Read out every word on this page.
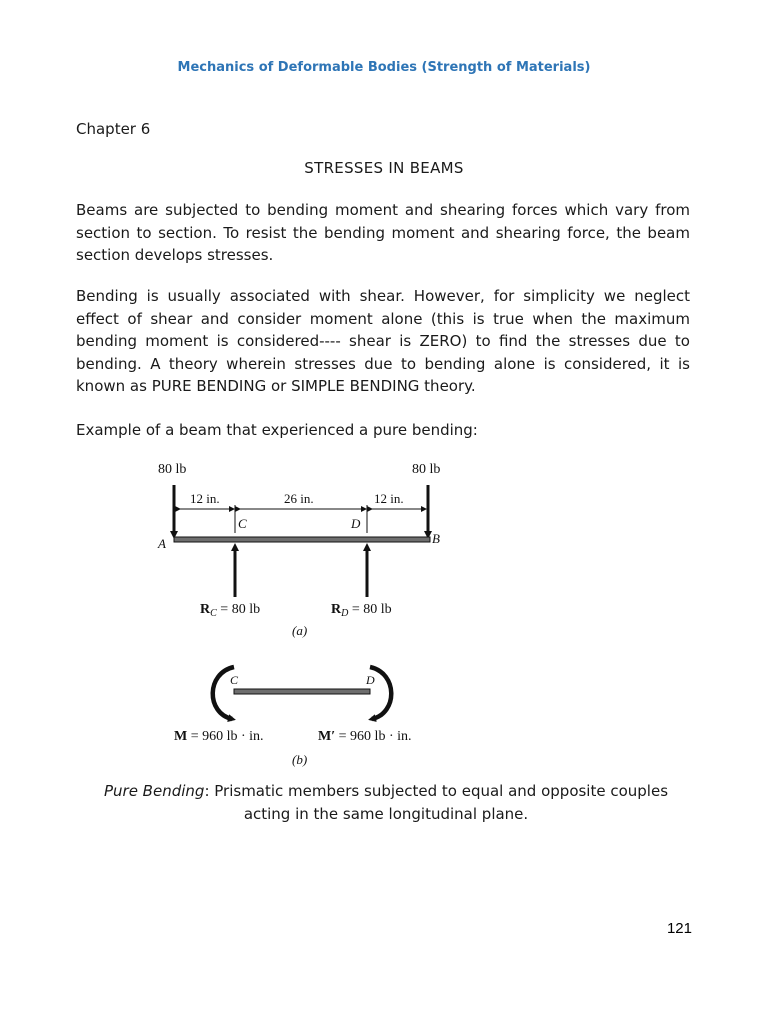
Mechanics of Deformable Bodies (Strength of Materials)
Chapter 6
STRESSES IN BEAMS

Beams are subjected to bending moment and shearing forces which vary from section to section. To resist the bending moment and shearing force, the beam section develops stresses.

Bending is usually associated with shear. However, for simplicity we neglect effect of shear and consider moment alone (this is true when the maximum bending moment is considered---- shear is ZERO) to find the stresses due to bending. A theory wherein stresses due to bending alone is considered, it is known as PURE BENDING or SIMPLE BENDING theory.

Example of a beam that experienced a pure bending:

80 lb	80 lb
12 in.	26 in.	12 in.
C	D
A	B
$R_C = 80$ lb	$R_D = 80$ lb
(a)
C	D
M = 960 lb · in.	M′ = 960 lb · in.
(b)
Pure Bending: Prismatic members subjected to equal and opposite couples acting in the same longitudinal plane.
121
